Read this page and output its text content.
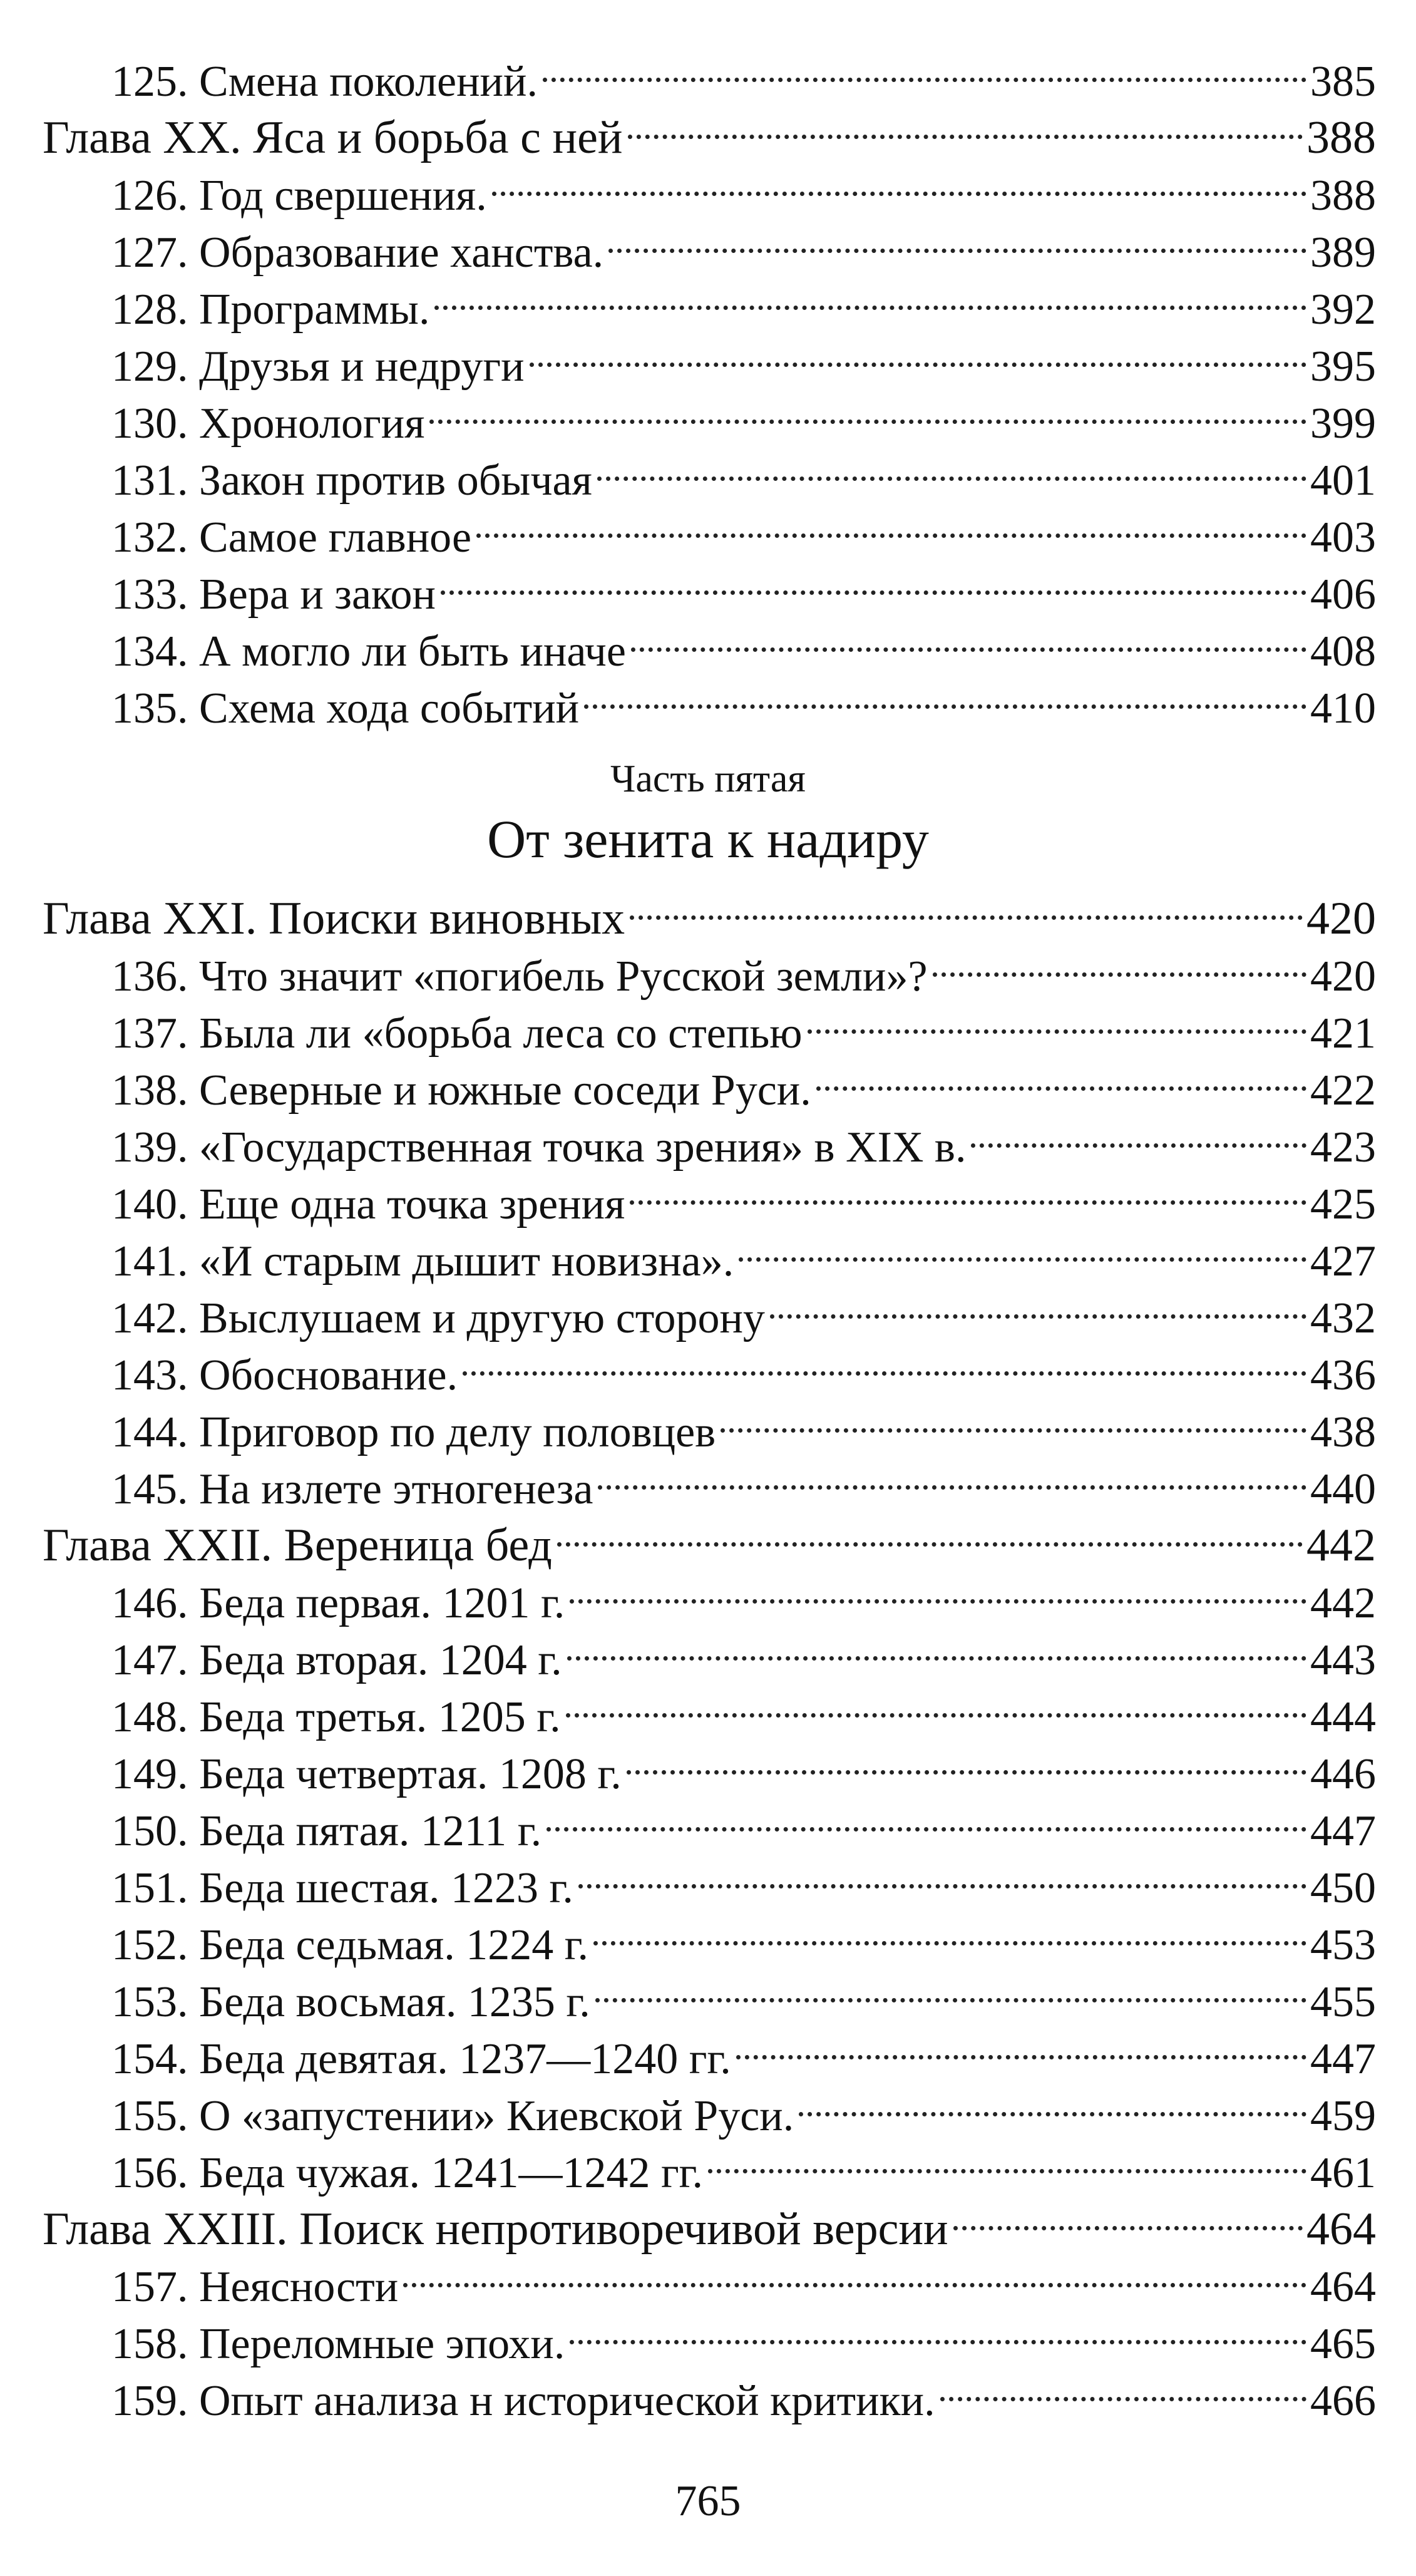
125. Смена поколений.	385
Глава XX. Яса и борьба с ней	388
126. Год свершения.	388
127. Образование ханства.	389
128. Программы.	392
129. Друзья и недруги	395
130. Хронология	399
131. Закон против обычая	401
132. Самое главное	403
133. Вера и закон	406
134. А могло ли быть иначе	408
135. Схема хода событий	410
Часть пятая
От зенита к надиру
Глава XXI. Поиски виновных	420
136. Что значит «погибель Русской земли»?	420
137. Была ли «борьба леса со степью	421
138. Северные и южные соседи Руси.	422
139. «Государственная точка зрения» в XIX в.	423
140. Еще одна точка зрения	425
141. «И старым дышит новизна».	427
142. Выслушаем и другую сторону	432
143. Обоснование.	436
144. Приговор по делу половцев	438
145. На излете этногенеза	440
Глава XXII. Вереница бед	442
146. Беда первая. 1201 г.	442
147. Беда вторая. 1204 г.	443
148. Беда третья. 1205 г.	444
149. Беда четвертая. 1208 г.	446
150. Беда пятая. 1211 г.	447
151. Беда шестая. 1223 г.	450
152. Беда седьмая. 1224 г.	453
153. Беда восьмая. 1235 г.	455
154. Беда девятая. 1237—1240 гг.	447
155. О «запустении» Киевской Руси.	459
156. Беда чужая. 1241—1242 гг.	461
Глава XXIII. Поиск непротиворечивой версии	464
157. Неясности	464
158. Переломные эпохи.	465
159. Опыт анализа н исторической критики.	466
765
